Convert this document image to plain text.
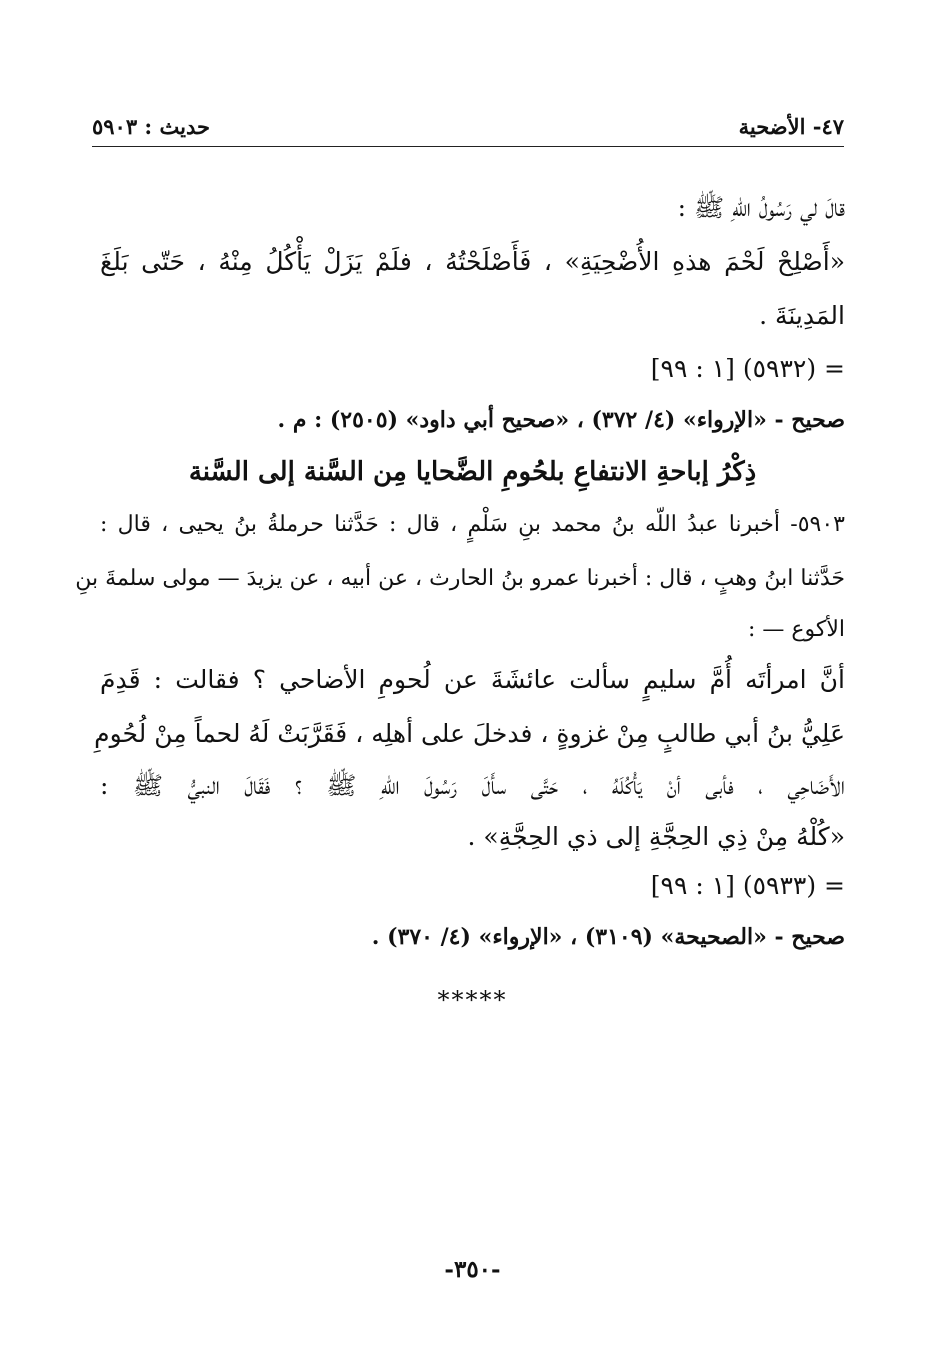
٤٧- الأضحية
حديث : ٥٩٠٣
قالَ لي رَسُولُ اللّهِ ﷺ :
«أَصْلِحْ لَحْمَ هذهِ الأُضْحِيَةِ» ، فَأَصْلَحْتُهُ ، فلَمْ يَزَلْ يَأْكُلُ مِنْهُ ، حَتّى بَلَغَ
المَدِينَةَ .
= (٥٩٣٢) [١ : ٩٩]
صحيح - «الإرواء» (٤/ ٣٧٢) ، «صحيح أبي داود» (٢٥٠٥) : م .
ذِكْرُ إباحةِ الانتفاعِ بلحُومِ الضَّحايا مِن السَّنة إلى السَّنة
٥٩٠٣- أخبرنا عبدُ اللّه بنُ محمد بنِ سَلْمٍ ، قال : حَدَّثنا حرملةُ بنُ يحيى ، قال :
حَدَّثنا ابنُ وهبٍ ، قال : أخبرنا عمرو بنُ الحارث ، عن أبيه ، عن يزيدَ — مولى سلمةَ بنِ
الأكوع — :
أنَّ امرأتَه أُمَّ سليمٍ سألت عائشَةَ عن لُحومِ الأضاحي ؟ فقالت : قَدِمَ
عَلِيُّ بنُ أبي طالبٍ مِنْ غزوةٍ ، فدخلَ على أهلِه ، فَقَرَّبَتْ لَهُ لحماً مِنْ لُحُومِ
الأَضَاحِي ، فأبى أنْ يَأْكُلَهُ ، حَتَّى سأَلَ رَسُولَ اللّهِ ﷺ ؟ فَقَالَ النبيُّ ﷺ :
«كُلْهُ مِنْ ذِي الحِجَّةِ إلى ذي الحِجَّةِ» .
= (٥٩٣٣) [١ : ٩٩]
صحيح - «الصحيحة» (٣١٠٩) ، «الإرواء» (٤/ ٣٧٠) .
*****
-٣٥٠-
